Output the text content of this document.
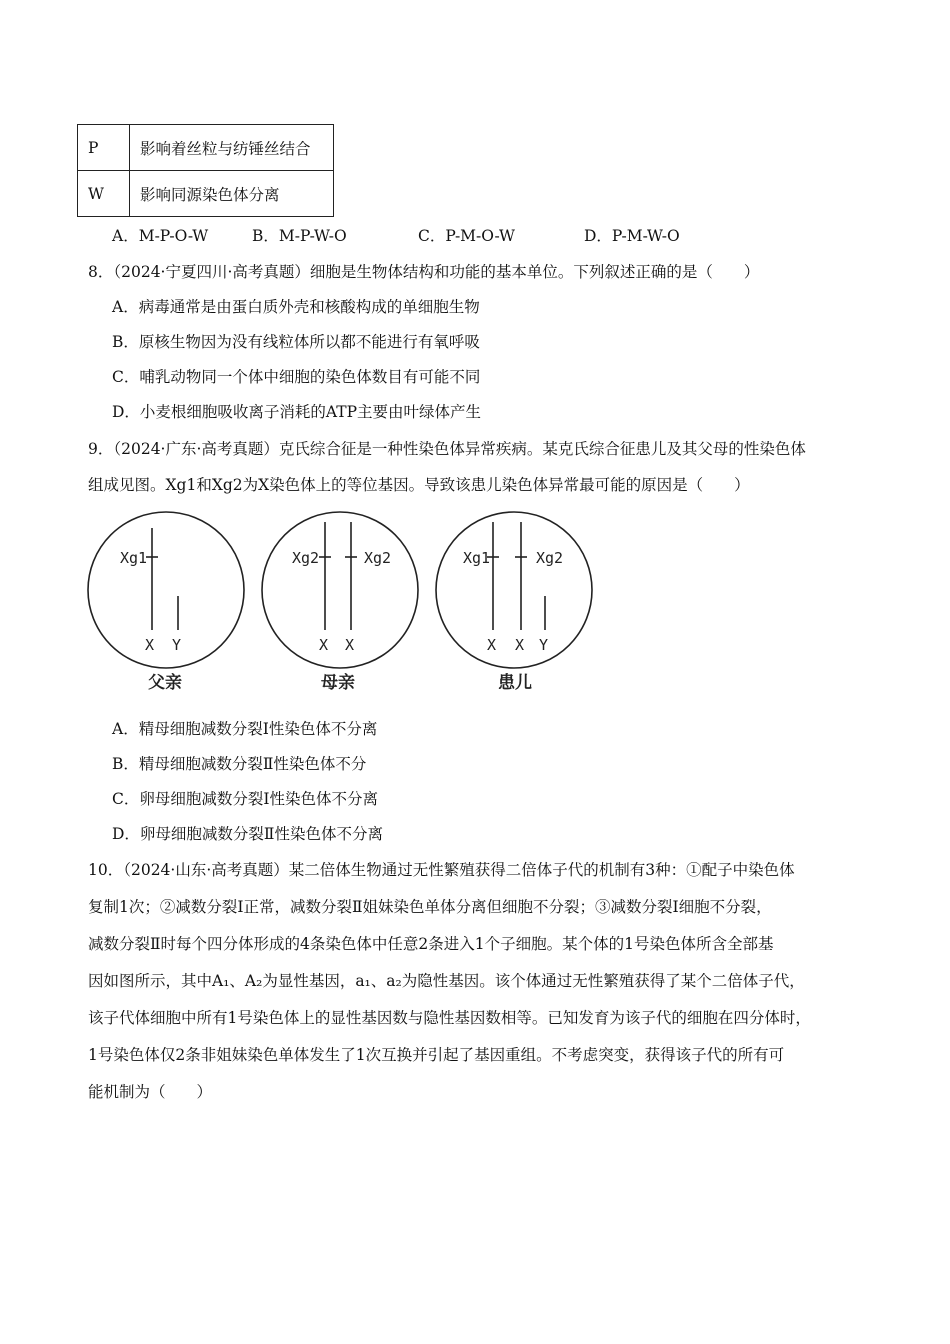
P	影响着丝粒与纺锤丝结合
W	影响同源染色体分离
A．M-P-O-W	B．M-P-W-O	C．P-M-O-W	D．P-M-W-O
8．（2024·宁夏四川·高考真题）细胞是生物体结构和功能的基本单位。下列叙述正确的是（　　）
A．病毒通常是由蛋白质外壳和核酸构成的单细胞生物
B．原核生物因为没有线粒体所以都不能进行有氧呼吸
C．哺乳动物同一个体中细胞的染色体数目有可能不同
D．小麦根细胞吸收离子消耗的ATP主要由叶绿体产生
9．（2024·广东·高考真题）克氏综合征是一种性染色体异常疾病。某克氏综合征患儿及其父母的性染色体
组成见图。Xg1和Xg2为X染色体上的等位基因。导致该患儿染色体异常最可能的原因是（　　）
Xg1
X Y
Xg2	Xg2
X X
Xg1	Xg2
X X Y
父亲	母亲	患儿
A．精母细胞减数分裂Ⅰ性染色体不分离
B．精母细胞减数分裂Ⅱ性染色体不分
C．卵母细胞减数分裂Ⅰ性染色体不分离
D．卵母细胞减数分裂Ⅱ性染色体不分离
10．（2024·山东·高考真题）某二倍体生物通过无性繁殖获得二倍体子代的机制有3种：①配子中染色体
复制1次；②减数分裂Ⅰ正常，减数分裂Ⅱ姐妹染色单体分离但细胞不分裂；③减数分裂Ⅰ细胞不分裂，
减数分裂Ⅱ时每个四分体形成的4条染色体中任意2条进入1个子细胞。某个体的1号染色体所含全部基
因如图所示，其中A₁、A₂为显性基因，a₁、a₂为隐性基因。该个体通过无性繁殖获得了某个二倍体子代，
该子代体细胞中所有1号染色体上的显性基因数与隐性基因数相等。已知发育为该子代的细胞在四分体时，
1号染色体仅2条非姐妹染色单体发生了1次互换并引起了基因重组。不考虑突变，获得该子代的所有可
能机制为（　　）
